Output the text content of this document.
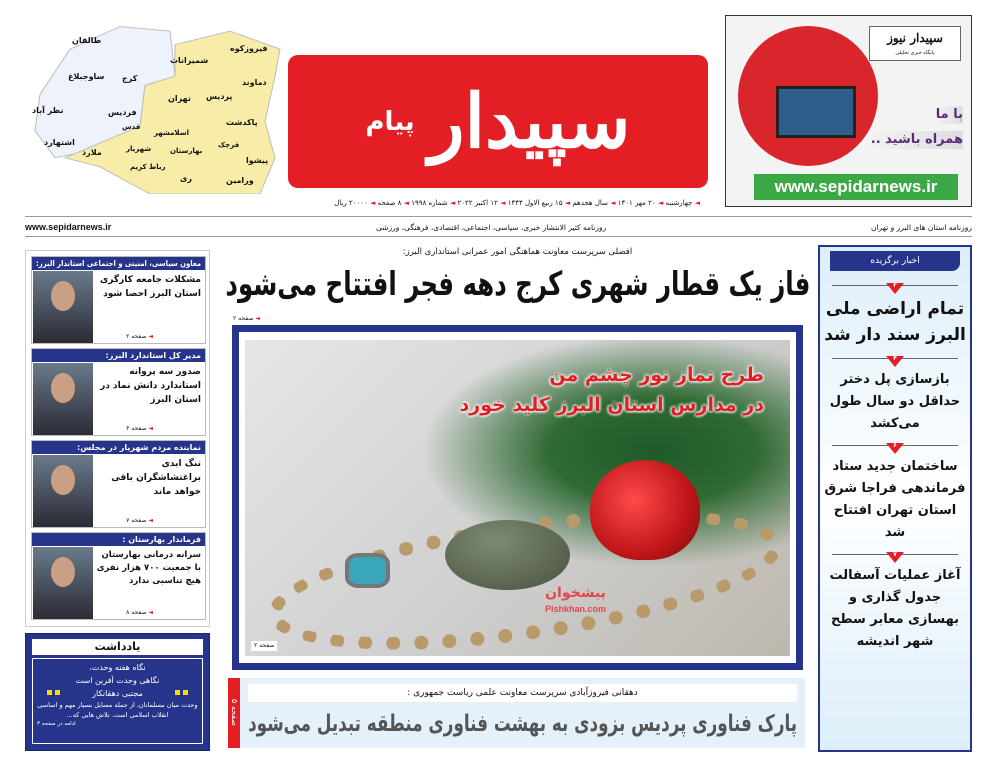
طالقان
ساوجبلاغ کرج
نظر آباد	فردیس
اشتهارد
شمیرانات
فیروزکوه
دماوند
پردیس
تهران
پاکدشت
قدس
اسلامشهر
ملارد	شهریار	بهارستان
قرچک
پیشوا
رباط کریم
ری	ورامین
سپیدار
پیام
◄ چهارشنبه ◄ ۲۰ مهر ۱۴۰۱ ◄ سال هجدهم ◄ ۱۵ ربیع الاول ۱۴۴۴ ◄ ۱۲ اکتبر ۲۰۲۲ ◄ شماره ۱۹۹۸ ◄ ۸ صفحه ◄ ۲۰۰۰۰ ریال
سپیدار نیوز
پایگاه خبری تحلیلی
با ما
همراه باشید ..
www.sepidarnews.ir
روزنامه استان های البرز و تهران
روزنامه کثیر الانتشار خبری، سیاسی، اجتماعی، اقتصادی، فرهنگی، ورزشی
www.sepidarnews.ir
معاون سیاسی، امنیتی و اجتماعی استاندار البرز:
مشکلات جامعه کارگری استان البرز احصا شود
◄ صفحه ۲
مدیر کل استاندارد البرز:
صدور سه پروانه استاندارد دانش نماد در استان البرز
◄ صفحه ۳
نماینده مردم شهریار در مجلس:
ننگ ابدی براغتشاشگران باقی خواهد ماند
◄ صفحه ۷
فرماندار بهارستان :
سرانه درمانی بهارستان با جمعیت ۷۰۰ هزار نفری هیچ تناسبی ندارد
◄ صفحه ۸
یادداشت
نگاه هفته وحدت،
نگاهی وحدت آفرین است
مجتبی دهقانکار
وحدت میان مسلمانان، از جمله مسایل بسیار مهم و اساسی انقلاب اسلامی است. تلاش هایی که...
ادامه در صفحه ۳
افضلی سرپرست معاونت هماهنگی امور عمرانی استانداری البرز:
فاز یک قطار شهری کرج دهه فجر افتتاح می‌شود
◄ صفحه ۲
طرح نماز نور چشم من
در مدارس استان البرز کلید خورد
پیشخوان
Pishkhan.com
صفحه ۲
صفحه ۵
دهقانی فیروزآبادی سرپرست معاونت علمی ریاست جمهوری :
پارک فناوری پردیس بزودی به بهشت فناوری منطقه تبدیل می‌شود
اخبار برگزیده
۲
تمام اراضی ملی البرز سند دار شد
۴
بازسازی پل دختر حداقل دو سال طول می‌کشد
۶
ساختمان جدید ستاد فرماندهی فراجا شرق استان تهران افتتاح شد
۷
آغاز عملیات آسفالت جدول گذاری و بهسازی معابر سطح شهر اندیشه
